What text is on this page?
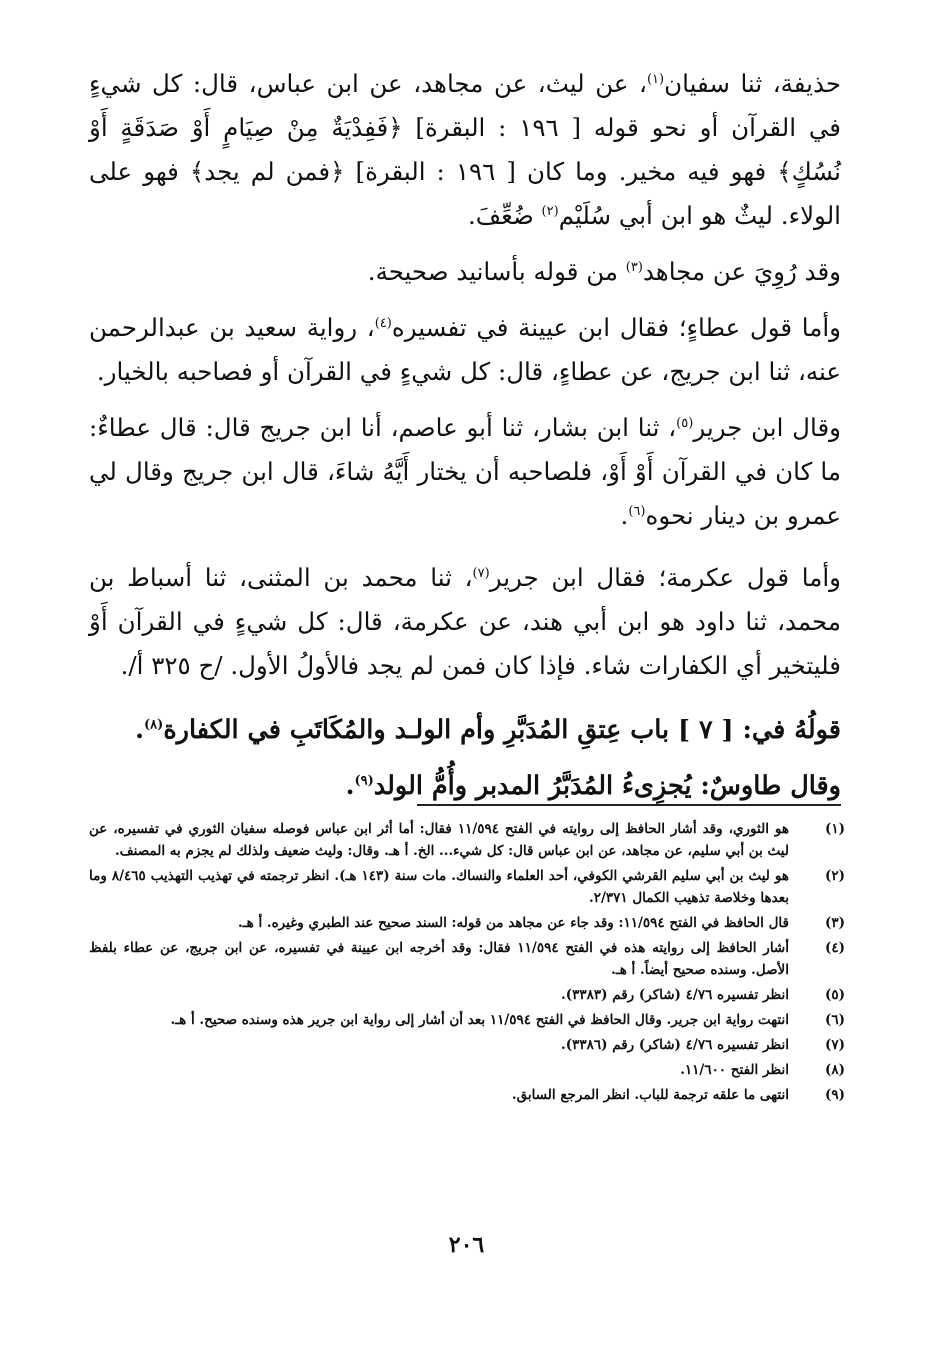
حذيفة، ثنا سفيان$^{(١)}$، عن ليث، عن مجاهد، عن ابن عباس، قال: كل شيءٍ في القرآن أو نحو قوله [ ١٩٦ : البقرة] ﴿فَفِدْيَةٌ مِنْ صِيَامٍ أَوْ صَدَقَةٍ أَوْ نُسُكٍ﴾ فهو فيه مخير. وما كان [ ١٩٦ : البقرة] ﴿فمن لم يجد﴾ فهو على الولاء. ليثٌ هو ابن أبي سُلَيْم$^{(٢)}$ ضُعِّفَ.

وقد رُوِيَ عن مجاهد$^{(٣)}$ من قوله بأسانيد صحيحة.

وأما قول عطاءٍ؛ فقال ابن عيينة في تفسيره$^{(٤)}$، رواية سعيد بن عبدالرحمن عنه، ثنا ابن جريج، عن عطاءٍ، قال: كل شيءٍ في القرآن أو فصاحبه بالخيار.

وقال ابن جرير$^{(٥)}$، ثنا ابن بشار، ثنا أبو عاصم، أنا ابن جريج قال: قال عطاءٌ: ما كان في القرآن أَوْ أَوْ، فلصاحبه أن يختار أَيَّهُ شاءَ، قال ابن جريج وقال لي عمرو بن دينار نحوه$^{(٦)}$.

وأما قول عكرمة؛ فقال ابن جرير$^{(٧)}$، ثنا محمد بن المثنى، ثنا أسباط بن محمد، ثنا داود هو ابن أبي هند، عن عكرمة، قال: كل شيءٍ في القرآن أَوْ فليتخير أي الكفارات شاء. فإذا كان فمن لم يجد فالأولُ الأول. /ح ٣٢٥ أ/.

قولُهُ في: [ ٧ ] باب عِتقِ المُدَبَّرِ وأم الولـد والمُكَاتَبِ في الكفارة$^{(٨)}$.

وقال طاوسٌ: يُجزِىءُ المُدَبَّرُ المدبر وأُمُّ الولد$^{(٩)}$.

(١)
هو الثوري، وقد أشار الحافظ إلى روايته في الفتح ١١/٥٩٤ فقال: أما أثر ابن عباس فوصله سفيان الثوري في تفسيره، عن ليث بن أبي سليم، عن مجاهد، عن ابن عباس قال: كل شيء... الخ. أ هـ. وقال: وليث ضعيف ولذلك لم يجزم به المصنف.
(٢)
هو ليث بن أبي سليم القرشي الكوفي، أحد العلماء والنساك. مات سنة (١٤٣ هـ). انظر ترجمته في تهذيب التهذيب ٨/٤٦٥ وما بعدها وخلاصة تذهيب الكمال ٢/٣٧١.
(٣)
قال الحافظ في الفتح ١١/٥٩٤: وقد جاء عن مجاهد من قوله: السند صحيح عند الطبري وغيره. أ هـ.
(٤)
أشار الحافظ إلى روايته هذه في الفتح ١١/٥٩٤ فقال: وقد أخرجه ابن عيينة في تفسيره، عن ابن جريج، عن عطاء بلفظ الأصل. وسنده صحيح أيضاً. أ هـ.
(٥)
انظر تفسيره ٤/٧٦ (شاكر) رقم (٣٣٨٣).
(٦)
انتهت رواية ابن جرير. وقال الحافظ في الفتح ١١/٥٩٤ بعد أن أشار إلى رواية ابن جرير هذه وسنده صحيح. أ هـ.
(٧)
انظر تفسيره ٤/٧٦ (شاكر) رقم (٣٣٨٦).
(٨)
انظر الفتح ١١/٦٠٠.
(٩)
انتهى ما علقه ترجمة للباب. انظر المرجع السابق.
٢٠٦
